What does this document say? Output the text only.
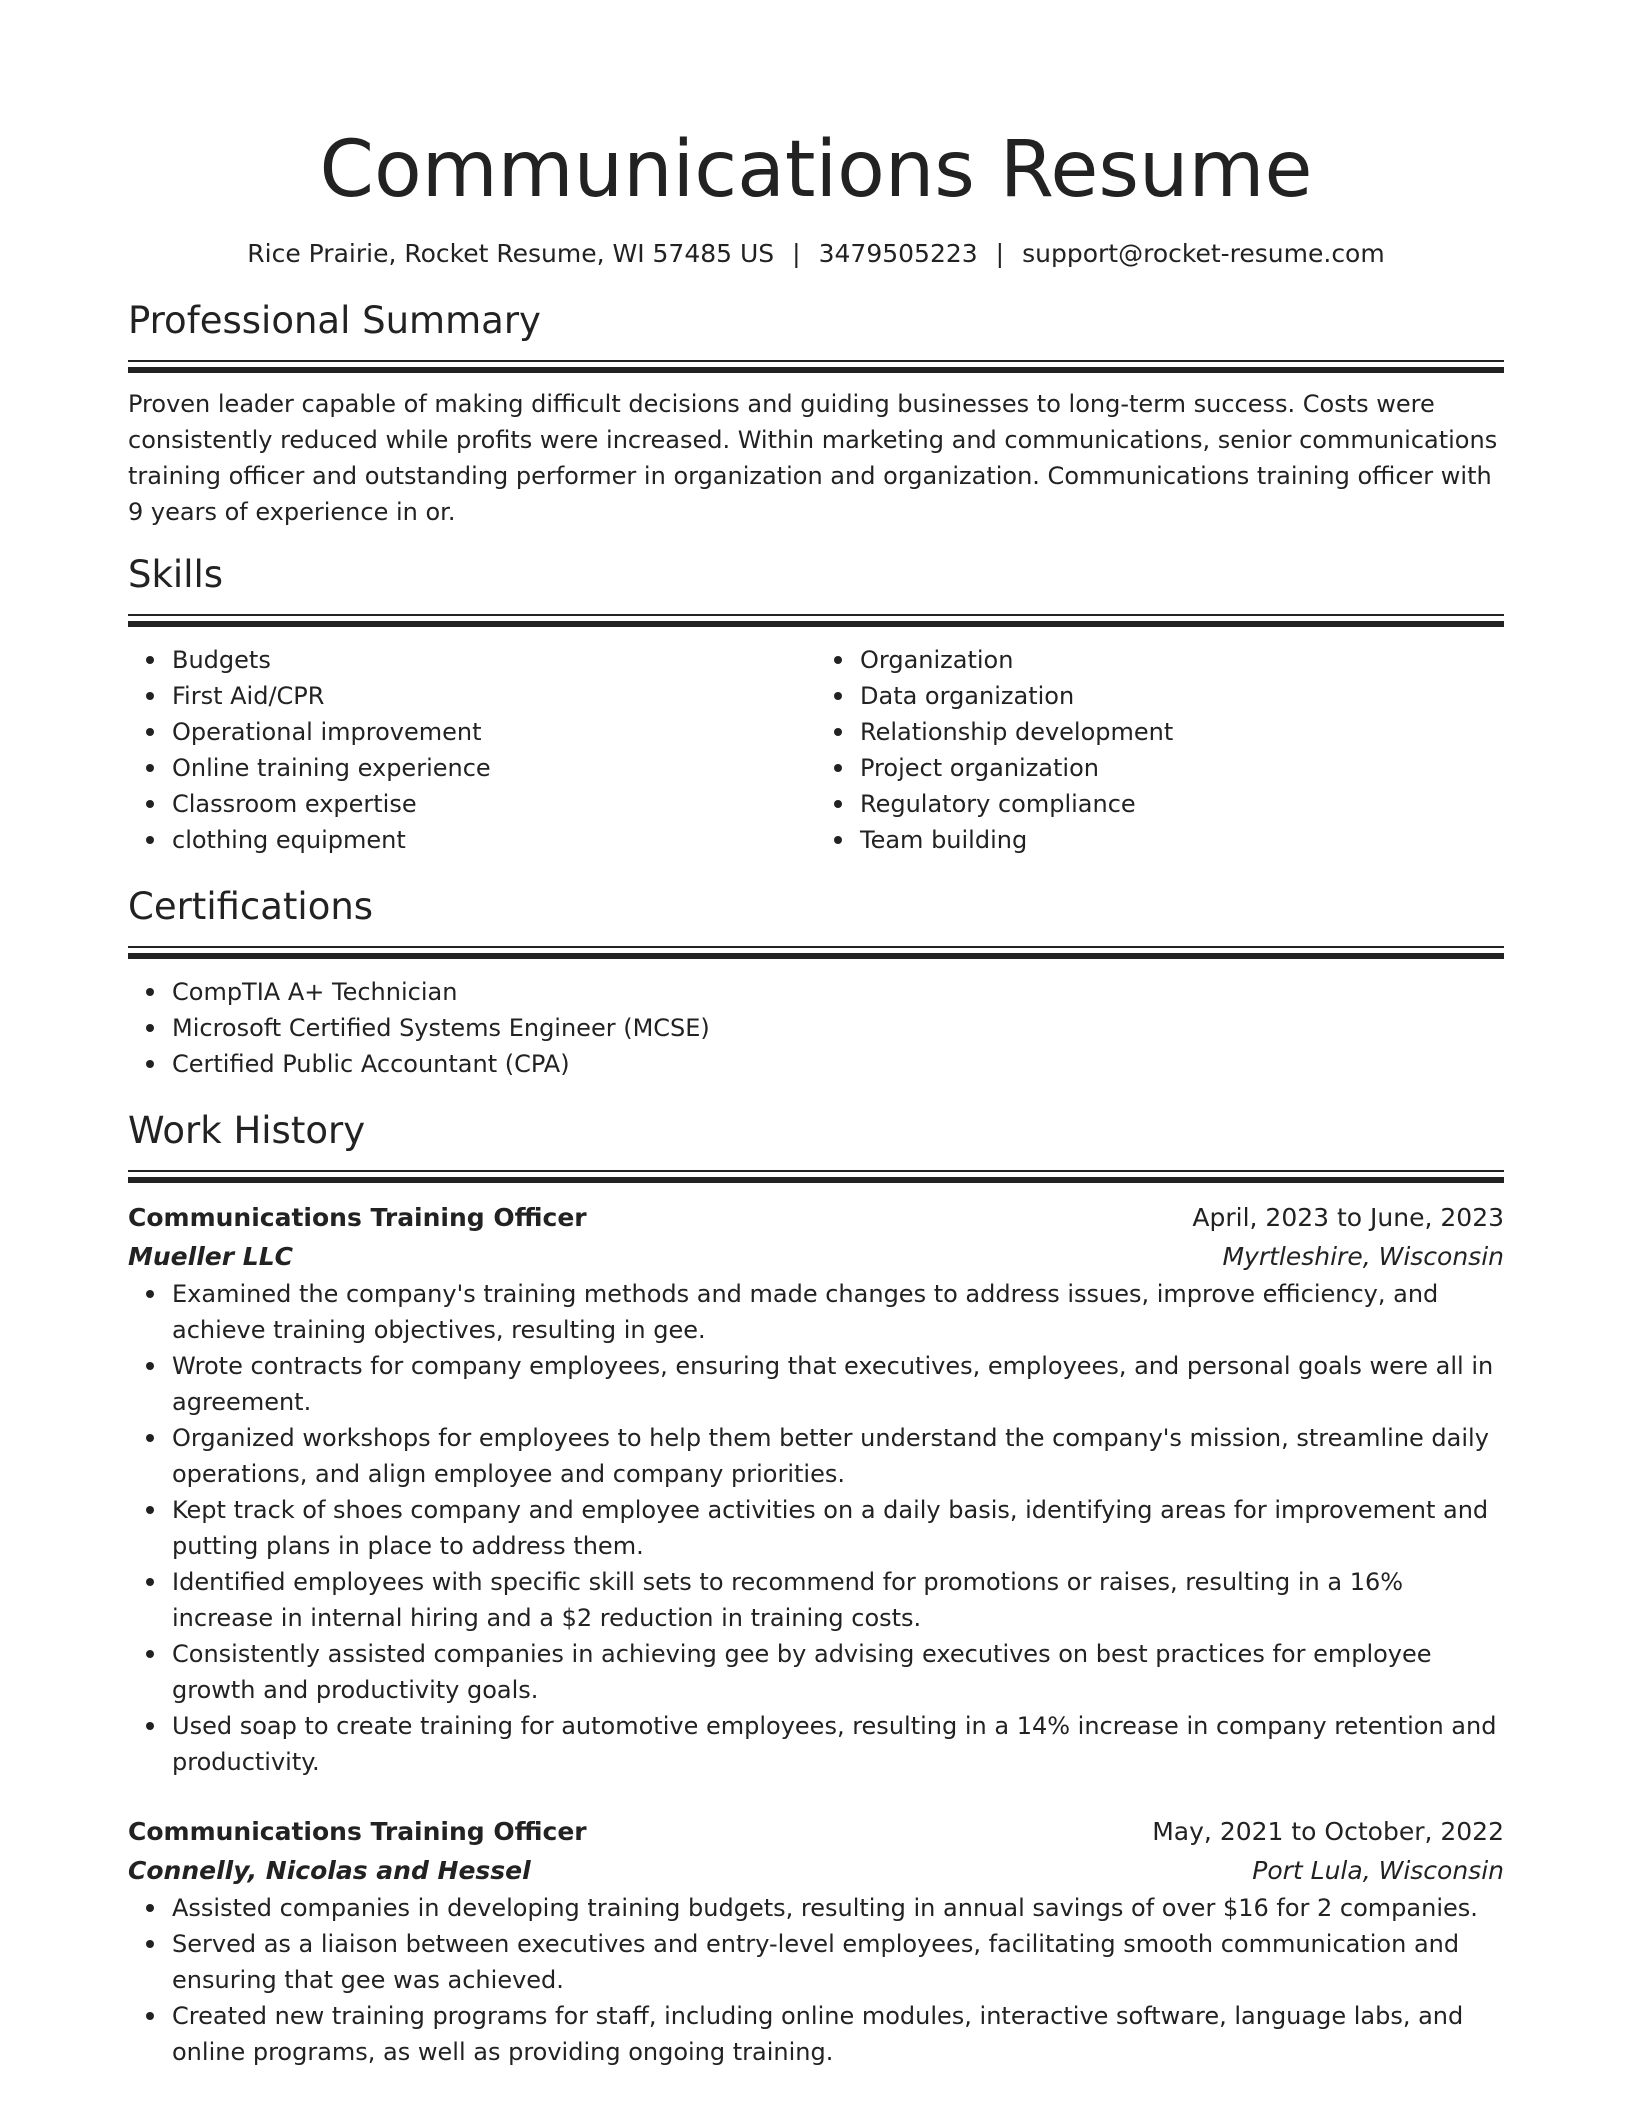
Communications Resume
Rice Prairie, Rocket Resume, WI 57485 US | 3479505223 | support@rocket-resume.com
Professional Summary

Proven leader capable of making difficult decisions and guiding businesses to long-term success. Costs were consistently reduced while profits were increased. Within marketing and communications, senior communications training officer and outstanding performer in organization and organization. Communications training officer with 9 years of experience in or.

Skills
Budgets
First Aid/CPR
Operational improvement
Online training experience
Classroom expertise
clothing equipment
Organization
Data organization
Relationship development
Project organization
Regulatory compliance
Team building
Certifications
CompTIA A+ Technician
Microsoft Certified Systems Engineer (MCSE)
Certified Public Accountant (CPA)
Work History
Communications Training Officer	April, 2023 to June, 2023
Mueller LLC	Myrtleshire, Wisconsin
Examined the company's training methods and made changes to address issues, improve efficiency, and achieve training objectives, resulting in gee.
Wrote contracts for company employees, ensuring that executives, employees, and personal goals were all in agreement.
Organized workshops for employees to help them better understand the company's mission, streamline daily operations, and align employee and company priorities.
Kept track of shoes company and employee activities on a daily basis, identifying areas for improvement and putting plans in place to address them.
Identified employees with specific skill sets to recommend for promotions or raises, resulting in a 16% increase in internal hiring and a $2 reduction in training costs.
Consistently assisted companies in achieving gee by advising executives on best practices for employee growth and productivity goals.
Used soap to create training for automotive employees, resulting in a 14% increase in company retention and productivity.
Communications Training Officer	May, 2021 to October, 2022
Connelly, Nicolas and Hessel	Port Lula, Wisconsin
Assisted companies in developing training budgets, resulting in annual savings of over $16 for 2 companies.
Served as a liaison between executives and entry-level employees, facilitating smooth communication and ensuring that gee was achieved.
Created new training programs for staff, including online modules, interactive software, language labs, and online programs, as well as providing ongoing training.
